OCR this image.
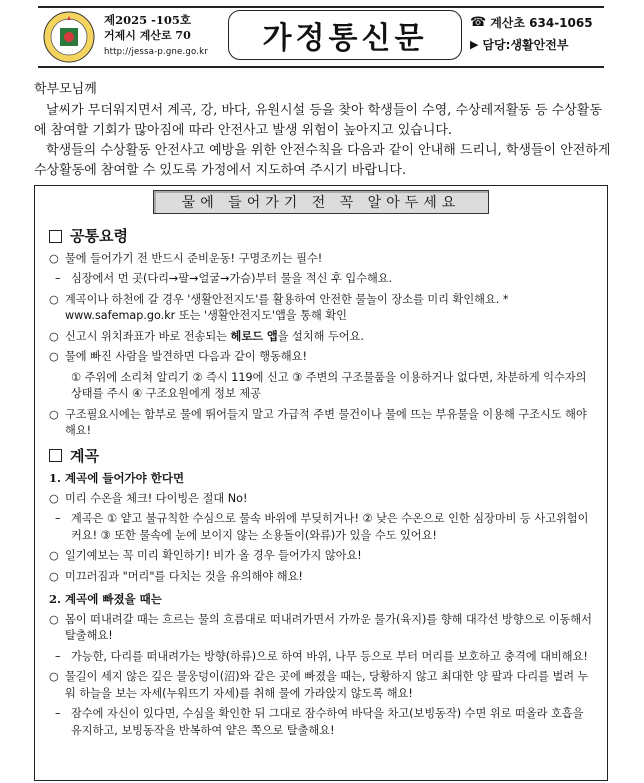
제2025 -105호
거제시 계산로 70
http://jessa-p.gne.go.kr	가정통신문	☎ 계산초 634-1065
▶ 담당:생활안전부

학부모님께

날씨가 무더워지면서 계곡, 강, 바다, 유원시설 등을 찾아 학생들이 수영, 수상레저활동 등 수상활동에 참여할 기회가 많아짐에 따라 안전사고 발생 위험이 높아지고 있습니다.

학생들의 수상활동 안전사고 예방을 위한 안전수칙을 다음과 같이 안내해 드리니, 학생들이 안전하게 수상활동에 참여할 수 있도록 가정에서 지도하여 주시기 바랍니다.

물에 들어가기 전 꼭 알아두세요
공통요령
○ 물에 들어가기 전 반드시 준비운동! 구명조끼는 필수!
– 심장에서 먼 곳(다리→팔→얼굴→가슴)부터 물을 적신 후 입수해요.
○ 계곡이나 하천에 갈 경우 '생활안전지도'를 활용하여 안전한 물놀이 장소를 미리 확인해요. * www.safemap.go.kr 또는 '생활안전지도'앱을 통해 확인
○ 신고시 위치좌표가 바로 전송되는 헤로드 앱을 설치해 두어요.
○ 물에 빠진 사람을 발견하면 다음과 같이 행동해요!
① 주위에 소리쳐 알리기 ② 즉시 119에 신고 ③ 주변의 구조물품을 이용하거나 없다면, 차분하게 익수자의 상태를 주시 ④ 구조요원에게 정보 제공
○ 구조필요시에는 함부로 물에 뛰어들지 말고 가급적 주변 물건이나 물에 뜨는 부유물을 이용해 구조시도 해야 해요!
계곡
1. 계곡에 들어가야 한다면
○ 미리 수온을 체크! 다이빙은 절대 No!
– 계곡은 ① 얕고 불규칙한 수심으로 물속 바위에 부딪히거나! ② 낮은 수온으로 인한 심장마비 등 사고위험이 커요! ③ 또한 물속에 눈에 보이지 않는 소용돌이(와류)가 있을 수도 있어요!
○ 일기예보는 꼭 미리 확인하기! 비가 올 경우 들어가지 않아요!
○ 미끄러짐과 "머리"를 다치는 것을 유의해야 해요!
2. 계곡에 빠졌을 때는
○ 몸이 떠내려갈 때는 흐르는 물의 흐름대로 떠내려가면서 가까운 물가(육지)를 향해 대각선 방향으로 이동해서 탈출해요!
– 가능한, 다리를 떠내려가는 방향(하류)으로 하여 바위, 나무 등으로 부터 머리를 보호하고 충격에 대비해요!
○ 물길이 세지 않은 깊은 물웅덩이(沼)와 같은 곳에 빠졌을 때는, 당황하지 않고 최대한 양 팔과 다리를 벌려 누워 하늘을 보는 자세(누워뜨기 자세)를 취해 물에 가라앉지 않도록 해요!
– 잠수에 자신이 있다면, 수심을 확인한 뒤 그대로 잠수하여 바닥을 차고(보빙동작) 수면 위로 떠올라 호흡을 유지하고, 보빙동작을 반복하여 얕은 쪽으로 탈출해요!
